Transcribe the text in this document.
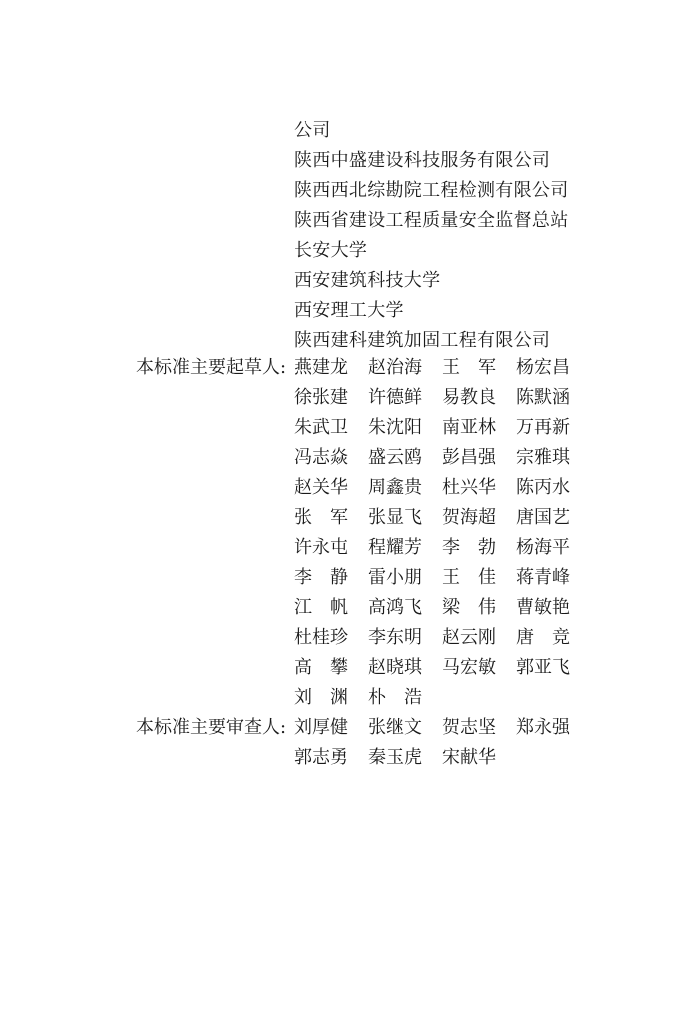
公司
陕西中盛建设科技服务有限公司
陕西西北综勘院工程检测有限公司
陕西省建设工程质量安全监督总站
长安大学
西安建筑科技大学
西安理工大学
陕西建科建筑加固工程有限公司
本标准主要起草人: 燕建龙 赵治海 王　军 杨宏昌
徐张建 许德鲜 易教良 陈默涵
朱武卫 朱沈阳 南亚林 万再新
冯志焱 盛云鸥 彭昌强 宗雅琪
赵关华 周鑫贵 杜兴华 陈丙水
张　军 张显飞 贺海超 唐国艺
许永屯 程耀芳 李　勃 杨海平
李　静 雷小朋 王　佳 蒋青峰
江　帆 高鸿飞 梁　伟 曹敏艳
杜桂珍 李东明 赵云刚 唐　竞
高　攀 赵晓琪 马宏敏 郭亚飞
刘　渊 朴　浩
本标准主要审查人: 刘厚健 张继文 贺志坚 郑永强
郭志勇 秦玉虎 宋献华
